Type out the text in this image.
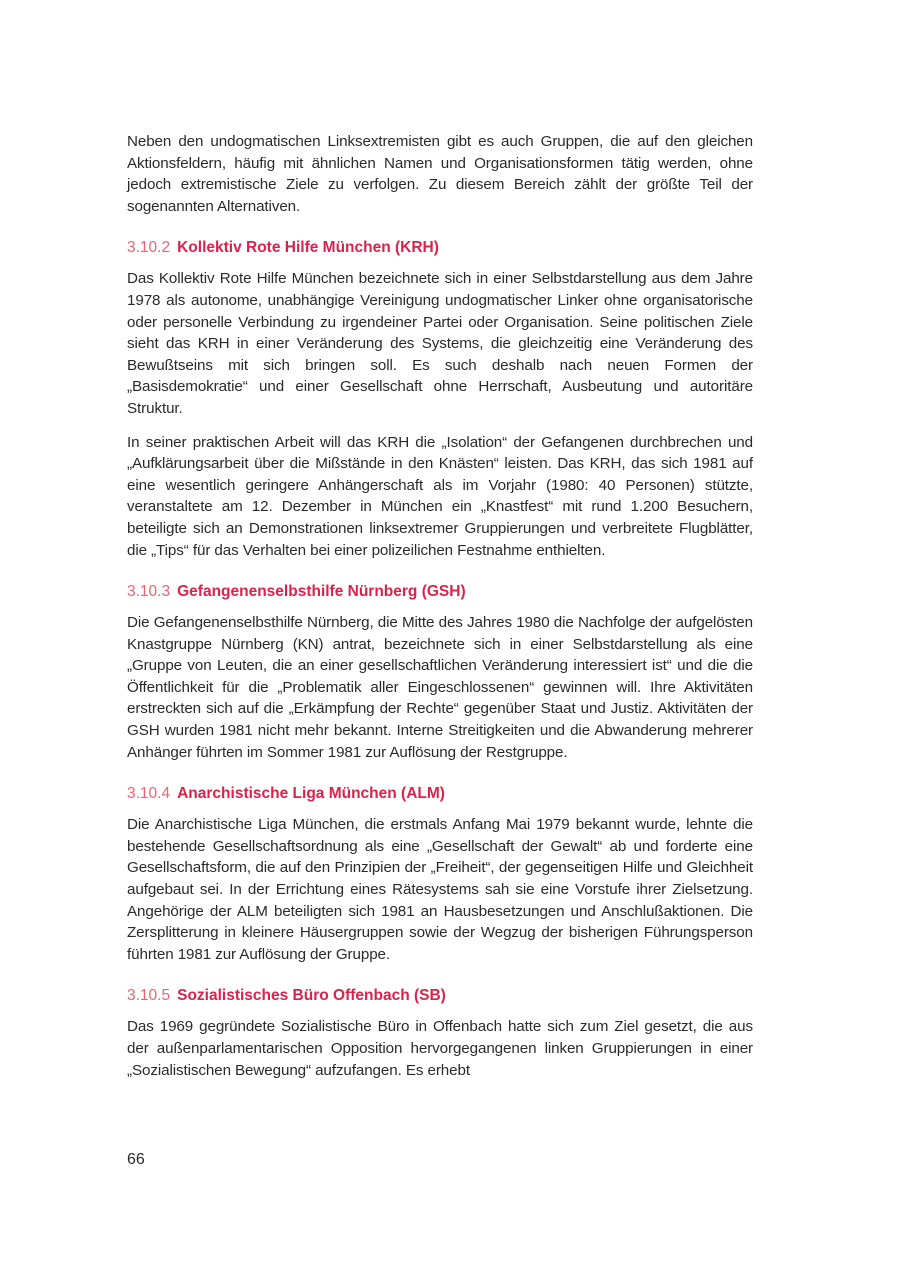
Neben den undogmatischen Linksextremisten gibt es auch Gruppen, die auf den gleichen Aktionsfeldern, häufig mit ähnlichen Namen und Organisationsformen tätig werden, ohne jedoch extremistische Ziele zu verfolgen. Zu diesem Bereich zählt der größte Teil der sogenannten Alternativen.

3.10.2 Kollektiv Rote Hilfe München (KRH)

Das Kollektiv Rote Hilfe München bezeichnete sich in einer Selbstdarstellung aus dem Jahre 1978 als autonome, unabhängige Vereinigung undogmatischer Linker ohne organisatorische oder personelle Verbindung zu irgendeiner Partei oder Organisation. Seine politischen Ziele sieht das KRH in einer Veränderung des Systems, die gleichzeitig eine Veränderung des Bewußtseins mit sich bringen soll. Es such deshalb nach neuen Formen der „Basisdemokratie“ und einer Gesellschaft ohne Herrschaft, Ausbeutung und autoritäre Struktur.

In seiner praktischen Arbeit will das KRH die „Isolation“ der Gefangenen durchbrechen und „Aufklärungsarbeit über die Mißstände in den Knästen“ leisten. Das KRH, das sich 1981 auf eine wesentlich geringere Anhängerschaft als im Vorjahr (1980: 40 Personen) stützte, veranstaltete am 12. Dezember in München ein „Knastfest“ mit rund 1.200 Besuchern, beteiligte sich an Demonstrationen linksextremer Gruppierungen und verbreitete Flugblätter, die „Tips“ für das Verhalten bei einer polizeilichen Festnahme enthielten.

3.10.3 Gefangenenselbsthilfe Nürnberg (GSH)

Die Gefangenenselbsthilfe Nürnberg, die Mitte des Jahres 1980 die Nachfolge der aufgelösten Knastgruppe Nürnberg (KN) antrat, bezeichnete sich in einer Selbstdarstellung als eine „Gruppe von Leuten, die an einer gesellschaftlichen Veränderung interessiert ist“ und die die Öffentlichkeit für die „Problematik aller Eingeschlossenen“ gewinnen will. Ihre Aktivitäten erstreckten sich auf die „Erkämpfung der Rechte“ gegenüber Staat und Justiz. Aktivitäten der GSH wurden 1981 nicht mehr bekannt. Interne Streitigkeiten und die Abwanderung mehrerer Anhänger führten im Sommer 1981 zur Auflösung der Restgruppe.

3.10.4 Anarchistische Liga München (ALM)

Die Anarchistische Liga München, die erstmals Anfang Mai 1979 bekannt wurde, lehnte die bestehende Gesellschaftsordnung als eine „Gesellschaft der Gewalt“ ab und forderte eine Gesellschaftsform, die auf den Prinzipien der „Freiheit“, der gegenseitigen Hilfe und Gleichheit aufgebaut sei. In der Errichtung eines Rätesystems sah sie eine Vorstufe ihrer Zielsetzung. Angehörige der ALM beteiligten sich 1981 an Hausbesetzungen und Anschlußaktionen. Die Zersplitterung in kleinere Häusergruppen sowie der Wegzug der bisherigen Führungsperson führten 1981 zur Auflösung der Gruppe.

3.10.5 Sozialistisches Büro Offenbach (SB)

Das 1969 gegründete Sozialistische Büro in Offenbach hatte sich zum Ziel gesetzt, die aus der außenparlamentarischen Opposition hervorgegangenen linken Gruppierungen in einer „Sozialistischen Bewegung“ aufzufangen. Es erhebt

66
